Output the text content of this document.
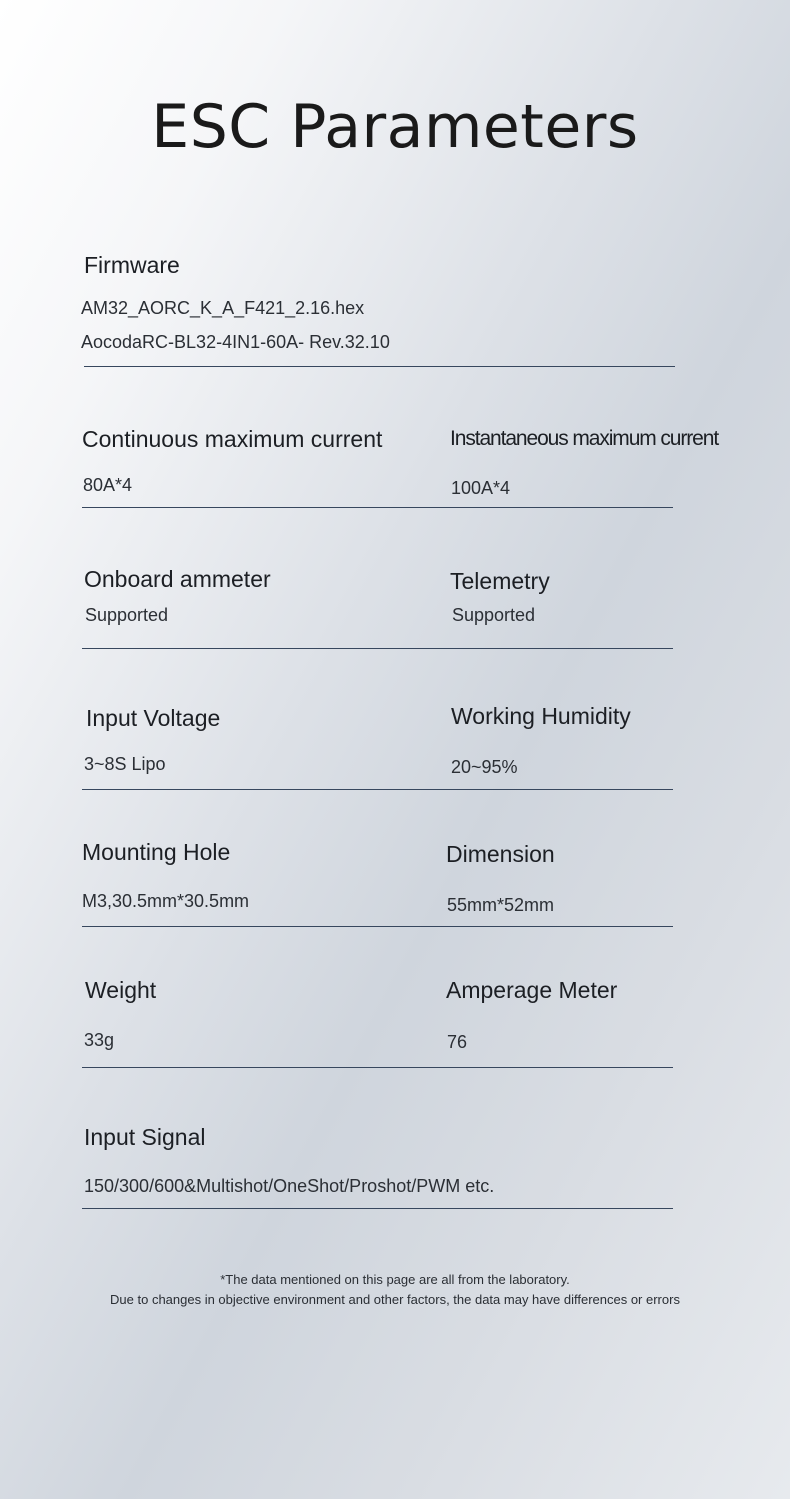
ESC Parameters
Firmware
AM32_AORC_K_A_F421_2.16.hex
AocodaRC-BL32-4IN1-60A- Rev.32.10
Continuous maximum current
80A*4
Instantaneous maximum current
100A*4
Onboard ammeter
Supported
Telemetry
Supported
Input Voltage
3~8S Lipo
Working Humidity
20~95%
Mounting Hole
M3,30.5mm*30.5mm
Dimension
55mm*52mm
Weight
33g
Amperage Meter
76
Input Signal
150/300/600&Multishot/OneShot/Proshot/PWM etc.
*The data mentioned on this page are all from the laboratory.
Due to changes in objective environment and other factors, the data may have differences or errors
